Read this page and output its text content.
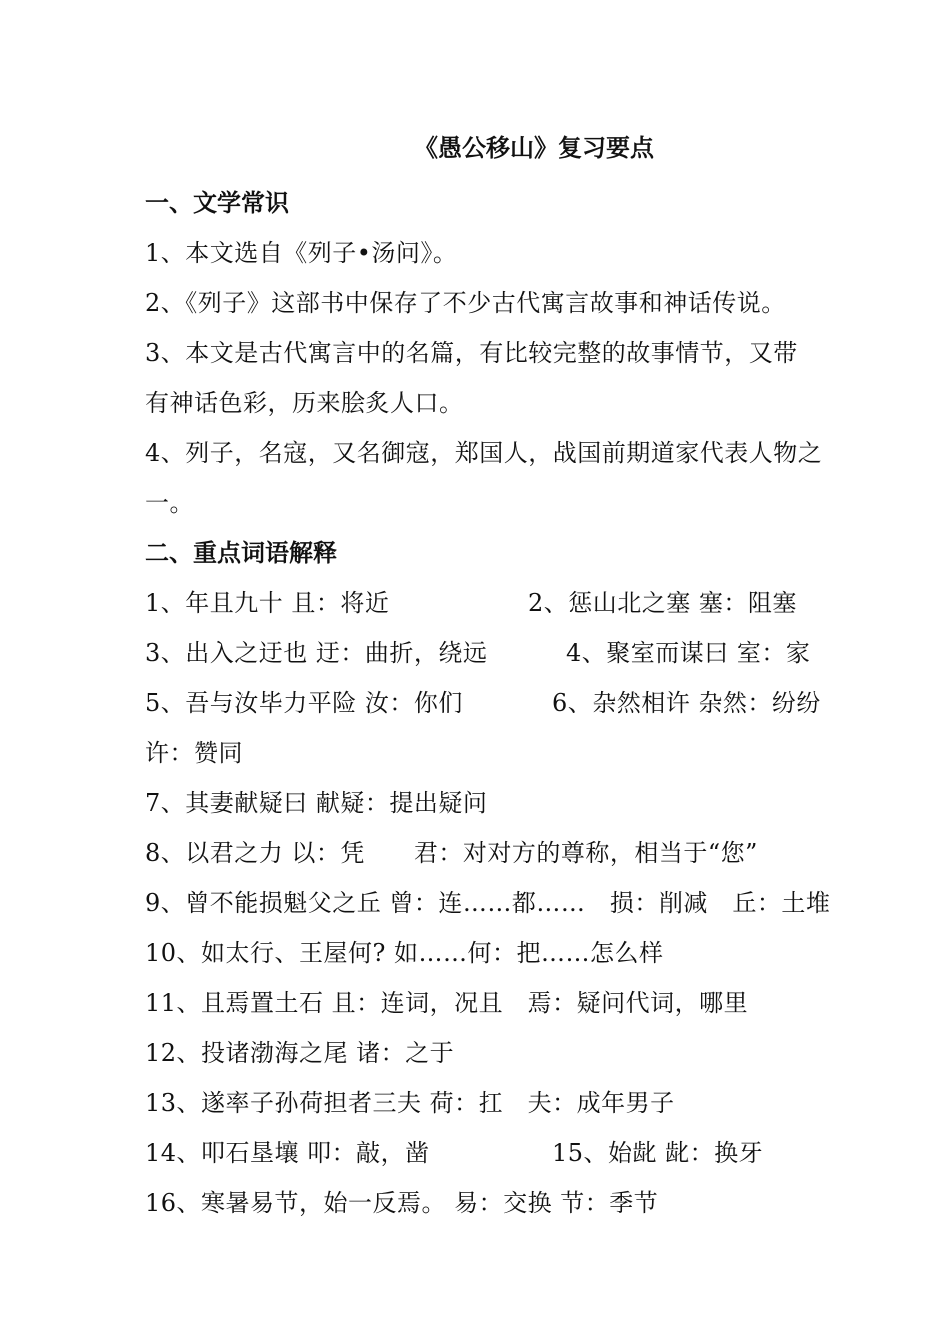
《愚公移山》复习要点
一、文学常识
1、本文选自《列子•汤问》。
2、《列子》这部书中保存了不少古代寓言故事和神话传说。
3、本文是古代寓言中的名篇，有比较完整的故事情节，又带
有神话色彩，历来脍炙人口。
4、列子，名寇，又名御寇，郑国人，战国前期道家代表人物之
一。
二、重点词语解释
1、年且九十 且：将近	2、惩山北之塞 塞：阻塞
3、出入之迂也 迂：曲折，绕远	4、聚室而谋曰 室：家
5、吾与汝毕力平险 汝：你们	6、杂然相许 杂然：纷纷
许：赞同
7、其妻献疑曰 献疑：提出疑问
8、以君之力 以：凭　　君：对对方的尊称，相当于“您”
9、曾不能损魁父之丘 曾：连……都……　损：削减　丘：土堆
10、如太行、王屋何? 如……何：把……怎么样
11、且焉置土石 且：连词，况且　焉：疑问代词，哪里
12、投诸渤海之尾 诸：之于
13、遂率子孙荷担者三夫 荷：扛　夫：成年男子
14、叩石垦壤 叩：敲，凿	15、始龀 龀：换牙
16、寒暑易节，始一反焉。 易：交换 节：季节
